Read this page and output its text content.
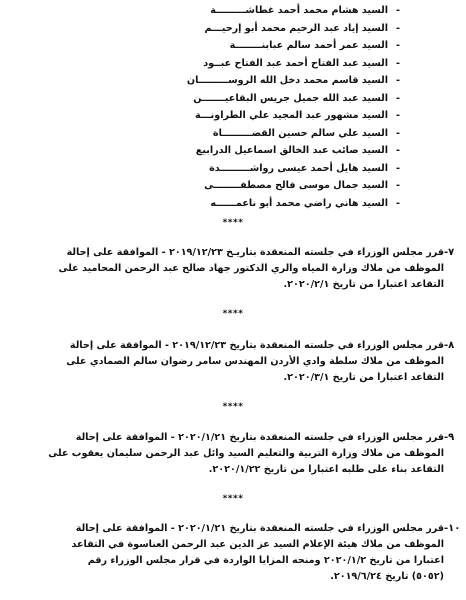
-
السيد هشام محمد أحمد غطاشـــــــــة
-
السيد إياد عبد الرحيم محمد أبو إرحيـــم
-
السيد عمر أحمد سالم عبابنــــــــة
-
السيد عبد الفتاح أحمد عبد الفتاح عبــود
-
السيد قاسم محمد دخل الله الروســـــــــان
-
السيد عبد الله جميل جريس البقاعيـــــــن
-
السيد مشهور عبد المجيد علي الطراونـــة
-
السيد علي سالم حسين القضـــــــــاة
-
السيد صائب عبد الخالق اسماعيل الدرابيع
-
السيد هايل أحمد عيسى رواشـــــــــدة
-
السيد جمال موسى فالح مصطفــــــــى
-
السيد هاني راضي محمد أبو ناعمــــــه
****
-٧
قرر مجلس الوزراء في جلسته المنعقدة بتاريـخ ٢٠١٩/١٢/٢٣ - الموافقة على إحالة
الموظف من ملاك وزارة المياه والري الدكتور جهاد صالح عبد الرحمن المحاميد على
التقاعد اعتبارا من تاريخ ٢٠٢٠/٢/١.
****
-٨
قرر مجلس الوزراء في جلسته المنعقدة بتاريخ ٢٠١٩/١٢/٢٣ - الموافقة على إحالة
الموظف من ملاك سلطة وادي الأردن المهندس سامر رضوان سالم الصمادي على
التقاعد اعتبارا من تاريخ ٢٠٢٠/٣/١.
****
-٩
قرر مجلس الوزراء في جلسته المنعقدة بتاريخ ٢٠٢٠/١/٢١ - الموافقة على إحالة
الموظف من ملاك وزارة التربية والتعليم السيد وائل عبد الرحمن سليمان يعقوب على
التقاعد بناء على طلبه اعتبارا من تاريخ ٢٠٢٠/١/٢٢.
****
-١٠
قرر مجلس الوزراء في جلسته المنعقدة بتاريخ ٢٠٢٠/١/٢١ - الموافقة على إحالة
الموظف من ملاك هيئة الإعلام السيد عز الدين عبد الرحمن العناسوة في التقاعد
اعتبارا من تاريخ ٢٠٢٠/١/٢ ومنحه المزايا الواردة في قرار مجلس الوزراء رقم
(٥٠٥٢) تاريخ ٢٠١٩/٦/٢٤.
